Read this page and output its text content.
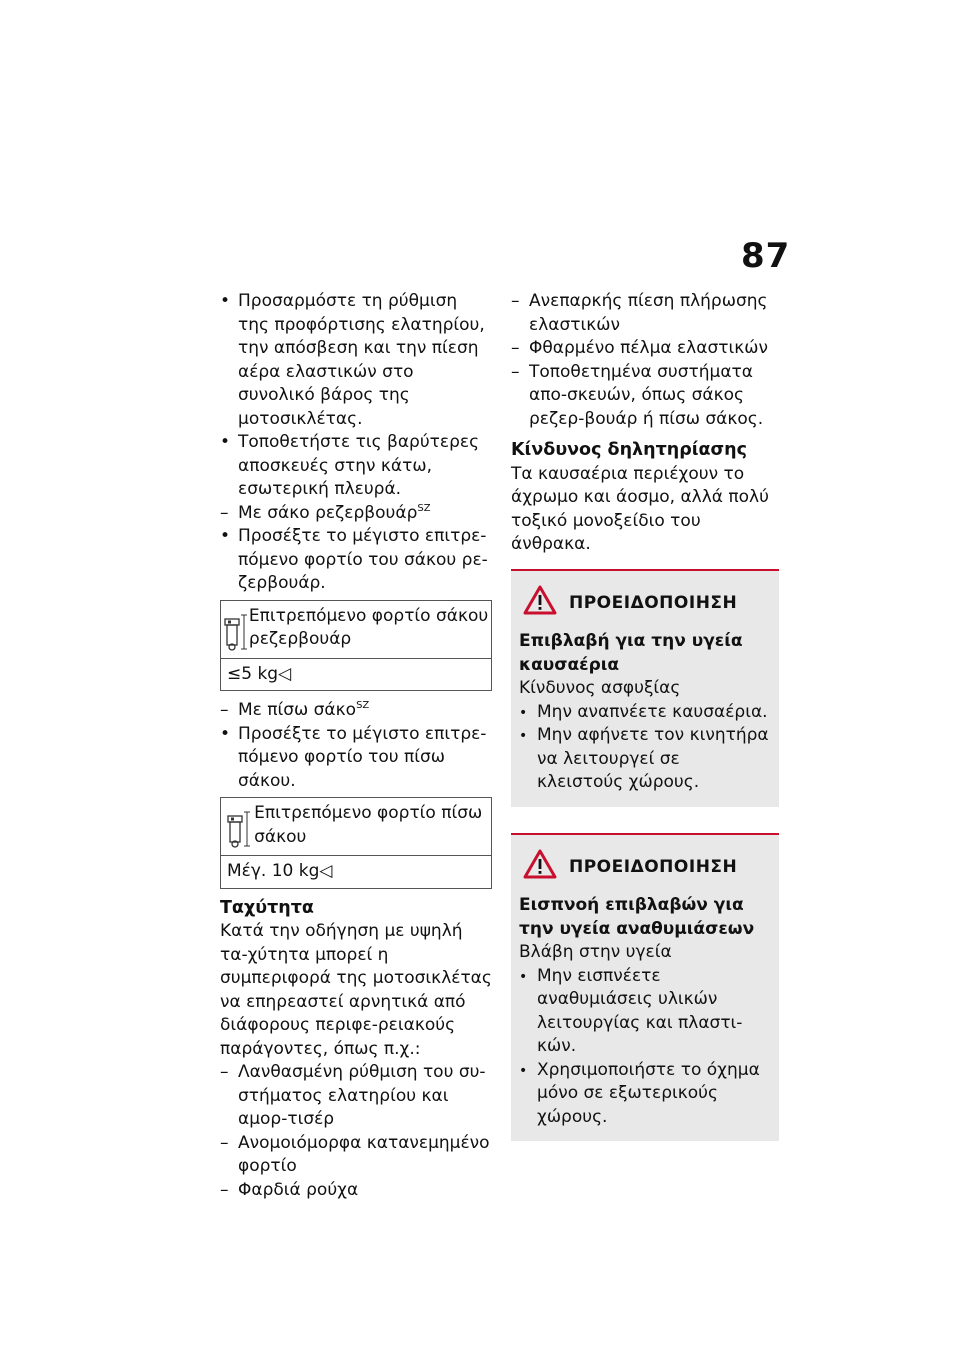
87
•
Προσαρμόστε τη ρύθμιση της προφόρτισης ελατηρίου, την απόσβεση και την πίεση αέρα ελαστικών στο συνολικό βάρος της μοτοσικλέτας.
•
Τοποθετήστε τις βαρύτερες αποσκευές στην κάτω, εσωτερική πλευρά.
–
Με σάκο ρεζερβουάρ$^{SZ}$
•
Προσέξτε το μέγιστο επιτρε-πόμενο φορτίο του σάκου ρε-ζερβουάρ.
Επιτρεπόμενο φορτίο σάκου ρεζερβουάρ
≤5 kg◁
–
Με πίσω σάκο$^{SZ}$
•
Προσέξτε το μέγιστο επιτρε-πόμενο φορτίο του πίσω σάκου.
Επιτρεπόμενο φορτίο πίσω σάκου
Μέγ. 10 kg◁
Ταχύτητα
Κατά την οδήγηση με υψηλή τα-χύτητα μπορεί η συμπεριφορά της μοτοσικλέτας να επηρεαστεί αρνητικά από διάφορους περιφε-ρειακούς παράγοντες, όπως π.χ.:
–
Λανθασμένη ρύθμιση του συ-στήματος ελατηρίου και αμορ-τισέρ
–
Ανομοιόμορφα κατανεμημένο φορτίο
–
Φαρδιά ρούχα
–
Ανεπαρκής πίεση πλήρωσης ελαστικών
–
Φθαρμένο πέλμα ελαστικών
–
Τοποθετημένα συστήματα απο-σκευών, όπως σάκος ρεζερ-βουάρ ή πίσω σάκος.
Κίνδυνος δηλητηρίασης
Τα καυσαέρια περιέχουν το άχρωμο και άοσμο, αλλά πολύ τοξικό μονοξείδιο του άνθρακα.
ΠΡΟΕΙΔΟΠΟΙΗΣΗ
Επιβλαβή για την υγεία καυσαέρια
Κίνδυνος ασφυξίας
•
Μην αναπνέετε καυσαέρια.
•
Μην αφήνετε τον κινητήρα να λειτουργεί σε κλειστούς χώρους.
ΠΡΟΕΙΔΟΠΟΙΗΣΗ
Εισπνοή επιβλαβών για την υγεία αναθυμιάσεων
Βλάβη στην υγεία
•
Μην εισπνέετε αναθυμιάσεις υλικών λειτουργίας και πλαστι-κών.
•
Χρησιμοποιήστε το όχημα μόνο σε εξωτερικούς χώρους.
